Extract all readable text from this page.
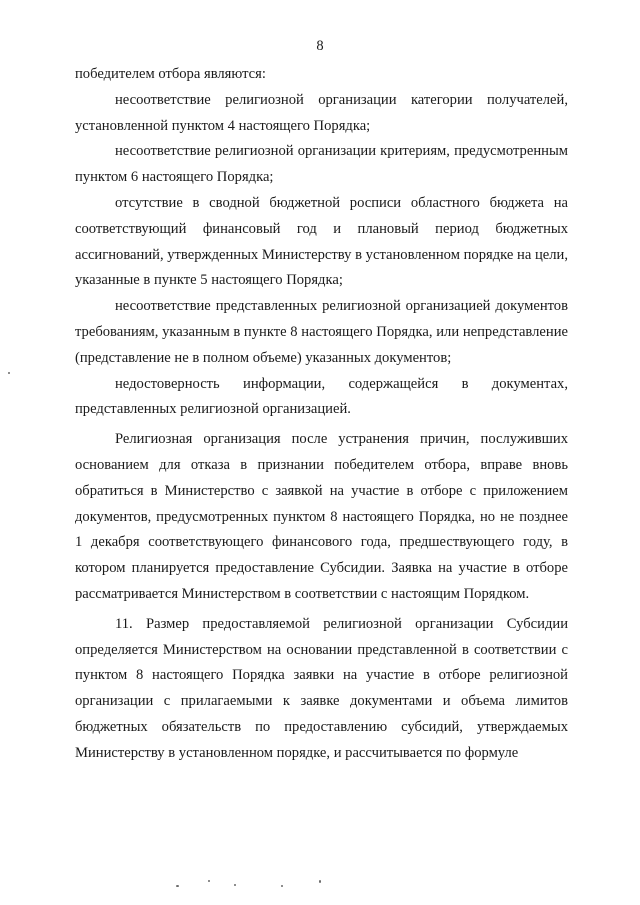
8

победителем отбора являются:

несоответствие религиозной организации категории получателей, установленной пунктом 4 настоящего Порядка;

несоответствие религиозной организации критериям, предусмотренным пунктом 6 настоящего Порядка;

отсутствие в сводной бюджетной росписи областного бюджета на соответствующий финансовый год и плановый период бюджетных ассигнований, утвержденных Министерству в установленном порядке на цели, указанные в пункте 5 настоящего Порядка;

несоответствие представленных религиозной организацией документов требованиям, указанным в пункте 8 настоящего Порядка, или непредставление (представление не в полном объеме) указанных документов;

недостоверность информации, содержащейся в документах, представленных религиозной организацией.

Религиозная организация после устранения причин, послуживших основанием для отказа в признании победителем отбора, вправе вновь обратиться в Министерство с заявкой на участие в отборе с приложением документов, предусмотренных пунктом 8 настоящего Порядка, но не позднее 1 декабря соответствующего финансового года, предшествующего году, в котором планируется предоставление Субсидии. Заявка на участие в отборе рассматривается Министерством в соответствии с настоящим Порядком.

11. Размер предоставляемой религиозной организации Субсидии определяется Министерством на основании представленной в соответствии с пунктом 8 настоящего Порядка заявки на участие в отборе религиозной организации с прилагаемыми к заявке документами и объема лимитов бюджетных обязательств по предоставлению субсидий, утверждаемых Министерству в установленном порядке, и рассчитывается по формуле
